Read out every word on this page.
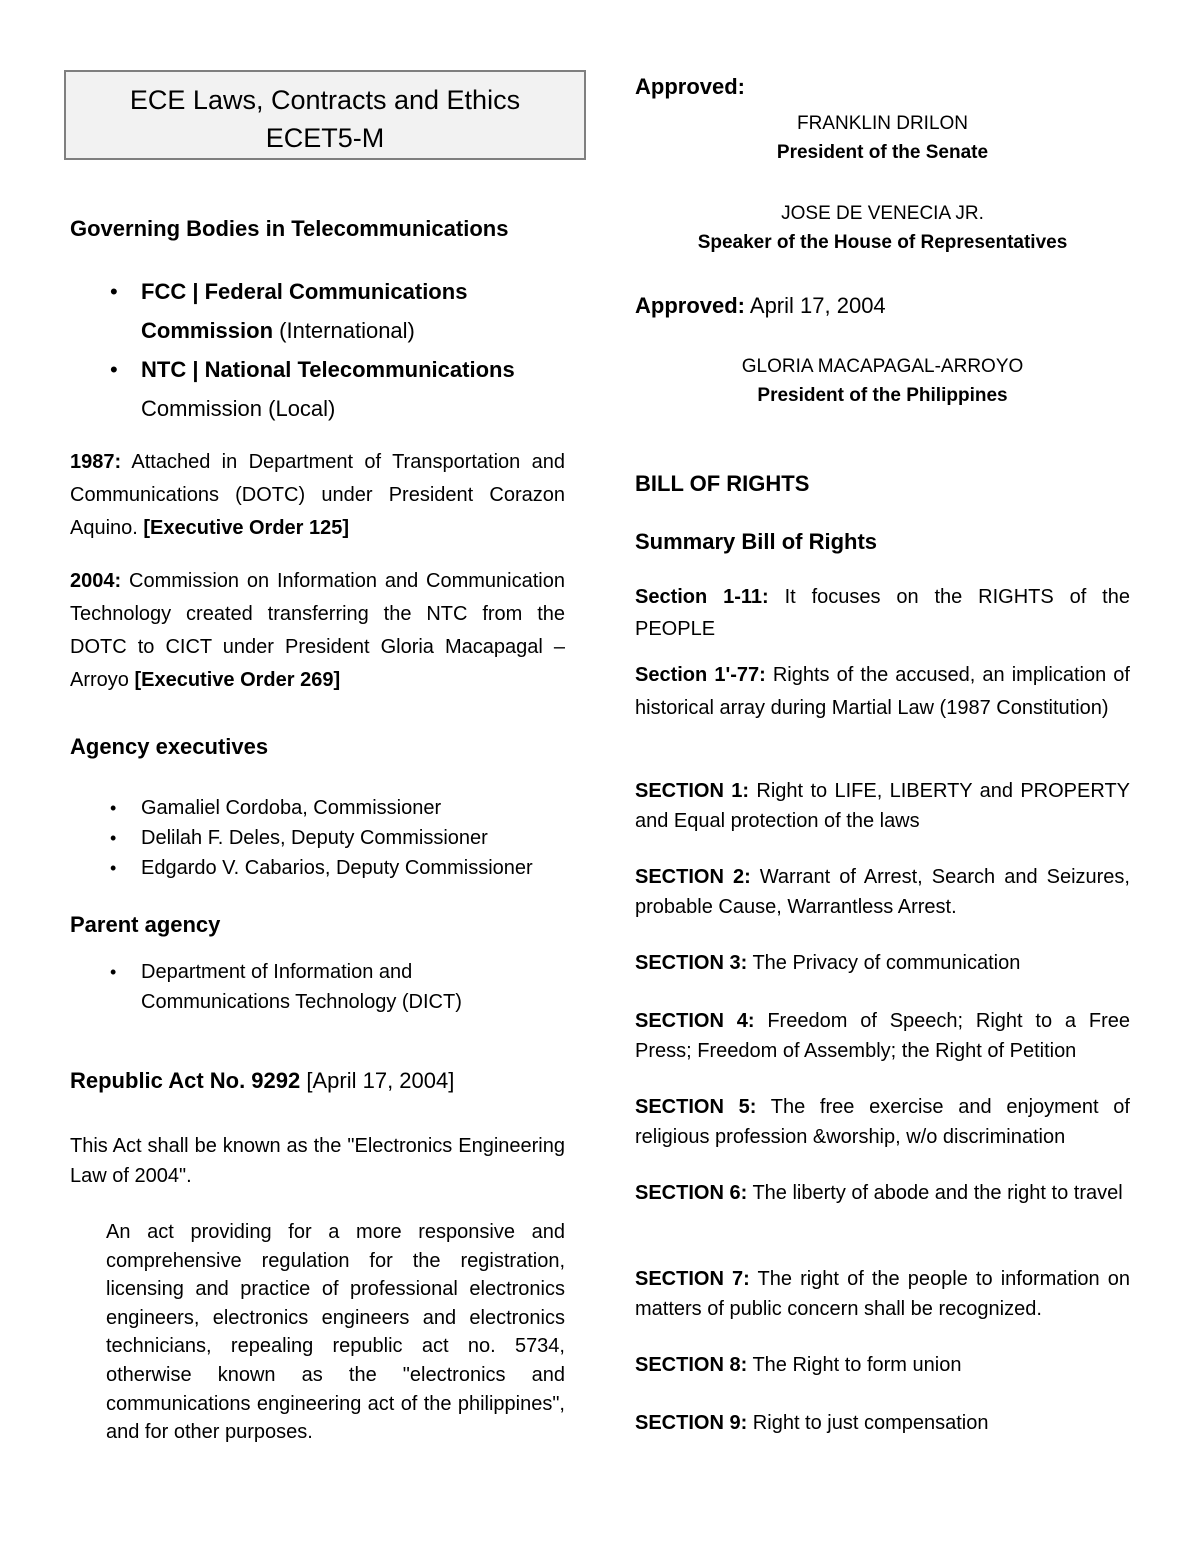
ECE Laws, Contracts and Ethics
ECET5-M
Governing Bodies in Telecommunications
• FCC | Federal Communications
Commission (International)
• NTC | National Telecommunications
Commission (Local)
1987: Attached in Department of Transportation and Communications (DOTC) under President Corazon Aquino. [Executive Order 125]
2004: Commission on Information and Communication Technology created transferring the NTC from the DOTC to CICT under President Gloria Macapagal –Arroyo [Executive Order 269]
Agency executives
• Gamaliel Cordoba, Commissioner
• Delilah F. Deles, Deputy Commissioner
• Edgardo V. Cabarios, Deputy Commissioner
Parent agency
• Department of Information and
Communications Technology (DICT)
Republic Act No. 9292 [April 17, 2004]
This Act shall be known as the "Electronics Engineering Law of 2004".
An act providing for a more responsive and comprehensive regulation for the registration, licensing and practice of professional electronics engineers, electronics engineers and electronics technicians, repealing republic act no. 5734, otherwise known as the "electronics and communications engineering act of the philippines", and for other purposes.
Approved:
FRANKLIN DRILON
President of the Senate
JOSE DE VENECIA JR.
Speaker of the House of Representatives
Approved: April 17, 2004
GLORIA MACAPAGAL-ARROYO
President of the Philippines
BILL OF RIGHTS
Summary Bill of Rights
Section 1-11: It focuses on the RIGHTS of the PEOPLE
Section 1'-77: Rights of the accused, an implication of historical array during Martial Law (1987 Constitution)
SECTION 1: Right to LIFE, LIBERTY and PROPERTY and Equal protection of the laws
SECTION 2: Warrant of Arrest, Search and Seizures, probable Cause, Warrantless Arrest.
SECTION 3: The Privacy of communication
SECTION 4: Freedom of Speech; Right to a Free Press; Freedom of Assembly; the Right of Petition
SECTION 5: The free exercise and enjoyment of religious profession &worship, w/o discrimination
SECTION 6: The liberty of abode and the right to travel
SECTION 7: The right of the people to information on matters of public concern shall be recognized.
SECTION 8: The Right to form union
SECTION 9: Right to just compensation
